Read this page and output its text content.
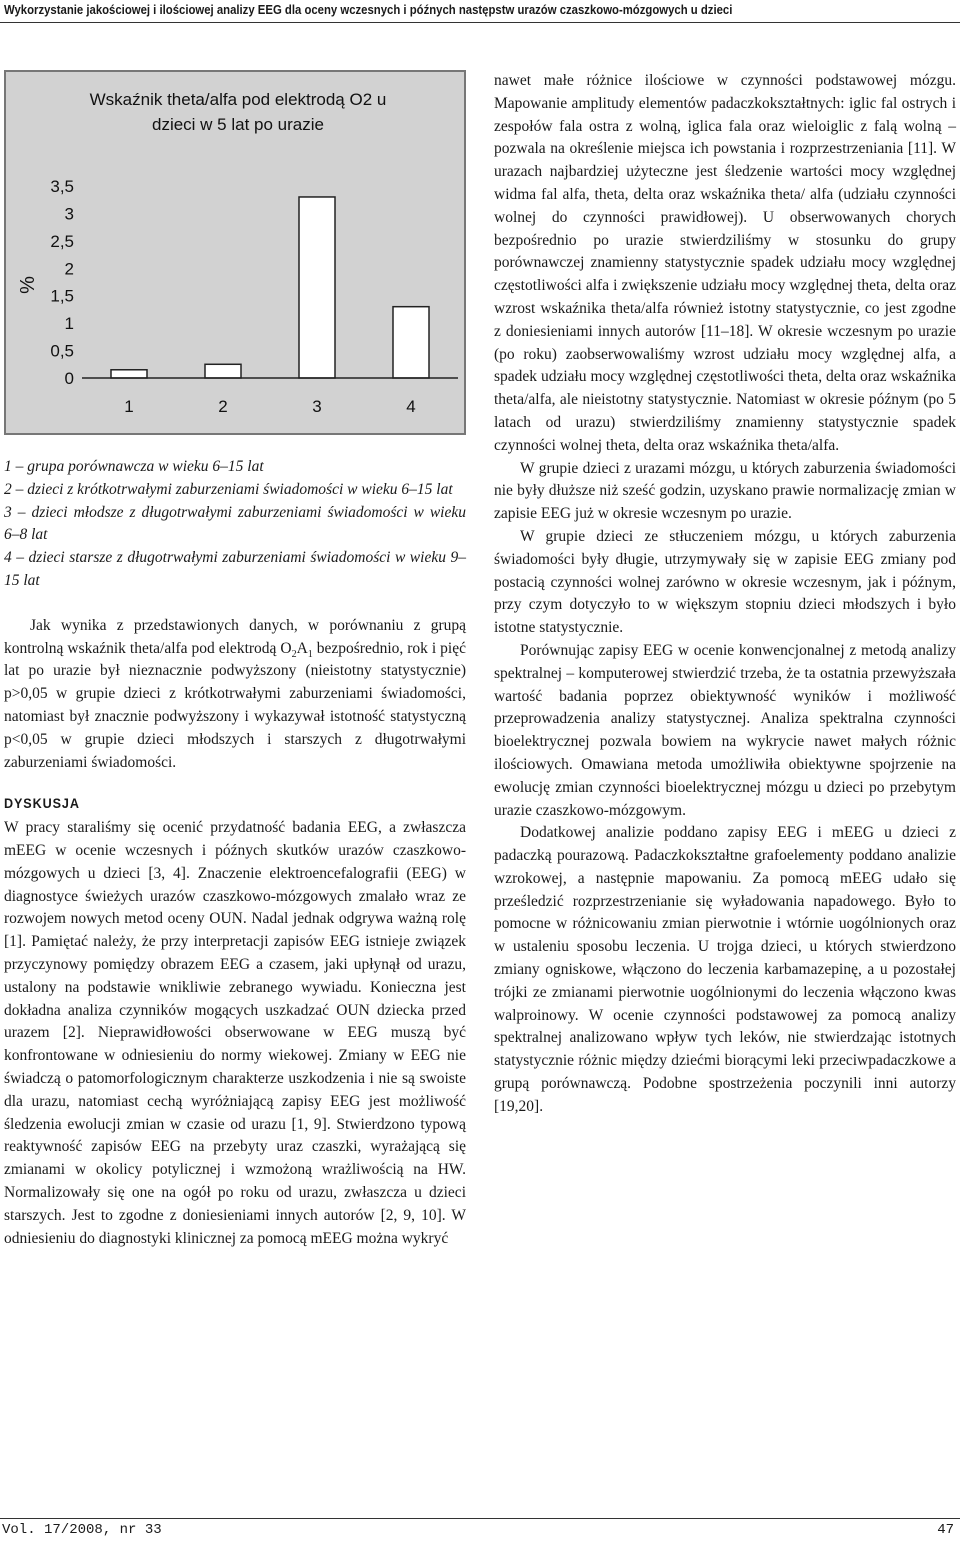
Wykorzystanie jakościowej i ilościowej analizy EEG dla oceny wczesnych i późnych następstw urazów czaszkowo-mózgowych u dzieci
Wskaźnik theta/alfa pod elektrodą O2 u
dzieci w 5 lat po urazie
%
0
0,5
1
1,5
2
2,5
3
3,5
1	2	3	4

1 – grupa porównawcza w wieku 6–15 lat

2 – dzieci z krótkotrwałymi zaburzeniami świadomości w wieku 6–15 lat

3 – dzieci młodsze z długotrwałymi zaburzeniami świadomości w wieku 6–8 lat

4 – dzieci starsze z długotrwałymi zaburzeniami świadomości w wieku 9–15 lat

Jak wynika z przedstawionych danych, w porównaniu z grupą kontrolną wskaźnik theta/alfa pod elektrodą $O_2A_1$ bezpośrednio, rok i pięć lat po urazie był nieznacznie podwyższony (nieistotny statystycznie) p>0,05 w grupie dzieci z krótkotrwałymi zaburzeniami świadomości, natomiast był znacznie podwyższony i wykazywał istotność statystyczną p<0,05 w grupie dzieci młodszych i starszych z długotrwałymi zaburzeniami świadomości.

DYSKUSJA

W pracy staraliśmy się ocenić przydatność badania EEG, a zwłaszcza mEEG w ocenie wczesnych i późnych skutków urazów czaszkowo-mózgowych u dzieci [3, 4]. Znaczenie elektroencefalografii (EEG) w diagnostyce świeżych urazów czaszkowo-mózgowych zmalało wraz ze rozwojem nowych metod oceny OUN. Nadal jednak odgrywa ważną rolę [1]. Pamiętać należy, że przy interpretacji zapisów EEG istnieje związek przyczynowy pomiędzy obrazem EEG a czasem, jaki upłynął od urazu, ustalony na podstawie wnikliwie zebranego wywiadu. Konieczna jest dokładna analiza czynników mogących uszkadzać OUN dziecka przed urazem [2]. Nieprawidłowości obserwowane w EEG muszą być konfrontowane w odniesieniu do normy wiekowej. Zmiany w EEG nie świadczą o patomorfologicznym charakterze uszkodzenia i nie są swoiste dla urazu, natomiast cechą wyróżniającą zapisy EEG jest możliwość śledzenia ewolucji zmian w czasie od urazu [1, 9]. Stwierdzono typową reaktywność zapisów EEG na przebyty uraz czaszki, wyrażającą się zmianami w okolicy potylicznej i wzmożoną wrażliwością na HW. Normalizowały się one na ogół po roku od urazu, zwłaszcza u dzieci starszych. Jest to zgodne z doniesieniami innych autorów [2, 9, 10]. W odniesieniu do diagnostyki klinicznej za pomocą mEEG można wykryć

nawet małe różnice ilościowe w czynności podstawowej mózgu. Mapowanie amplitudy elementów padaczkokształtnych: iglic fal ostrych i zespołów fala ostra z wolną, iglica fala oraz wieloiglic z falą wolną – pozwala na określenie miejsca ich powstania i rozprzestrzeniania [11]. W urazach najbardziej użyteczne jest śledzenie wartości mocy względnej widma fal alfa, theta, delta oraz wskaźnika theta/ alfa (udziału czynności wolnej do czynności prawidłowej). U obserwowanych chorych bezpośrednio po urazie stwierdziliśmy w stosunku do grupy porównawczej znamienny statystycznie spadek udziału mocy względnej częstotliwości alfa i zwiększenie udziału mocy względnej theta, delta oraz wzrost wskaźnika theta/alfa również istotny statystycznie, co jest zgodne z doniesieniami innych autorów [11–18]. W okresie wczesnym po urazie (po roku) zaobserwowaliśmy wzrost udziału mocy względnej alfa, a spadek udziału mocy względnej częstotliwości theta, delta oraz wskaźnika theta/alfa, ale nieistotny statystycznie. Natomiast w okresie późnym (po 5 latach od urazu) stwierdziliśmy znamienny statystycznie spadek czynności wolnej theta, delta oraz wskaźnika theta/alfa.

W grupie dzieci z urazami mózgu, u których zaburzenia świadomości nie były dłuższe niż sześć godzin, uzyskano prawie normalizację zmian w zapisie EEG już w okresie wczesnym po urazie.

W grupie dzieci ze stłuczeniem mózgu, u których zaburzenia świadomości były długie, utrzymywały się w zapisie EEG zmiany pod postacią czynności wolnej zarówno w okresie wczesnym, jak i późnym, przy czym dotyczyło to w większym stopniu dzieci młodszych i było istotne statystycznie.

Porównując zapisy EEG w ocenie konwencjonalnej z metodą analizy spektralnej – komputerowej stwierdzić trzeba, że ta ostatnia przewyższała wartość badania poprzez obiektywność wyników i możliwość przeprowadzenia analizy statystycznej. Analiza spektralna czynności bioelektrycznej pozwala bowiem na wykrycie nawet małych różnic ilościowych. Omawiana metoda umożliwiła obiektywne spojrzenie na ewolucję zmian czynności bioelektrycznej mózgu u dzieci po przebytym urazie czaszkowo-mózgowym.

Dodatkowej analizie poddano zapisy EEG i mEEG u dzieci z padaczką pourazową. Padaczkokształtne grafoelementy poddano analizie wzrokowej, a następnie mapowaniu. Za pomocą mEEG udało się prześledzić rozprzestrzenianie się wyładowania napadowego. Było to pomocne w różnicowaniu zmian pierwotnie i wtórnie uogólnionych oraz w ustaleniu sposobu leczenia. U trojga dzieci, u których stwierdzono zmiany ogniskowe, włączono do leczenia karbamazepinę, a u pozostałej trójki ze zmianami pierwotnie uogólnionymi do leczenia włączono kwas walproinowy. W ocenie czynności podstawowej za pomocą analizy spektralnej analizowano wpływ tych leków, nie stwierdzając istotnych statystycznie różnic między dziećmi biorącymi leki przeciwpadaczkowe a grupą porównawczą. Podobne spostrzeżenia poczynili inni autorzy [19,20].

Vol. 17/2008, nr 33	47
